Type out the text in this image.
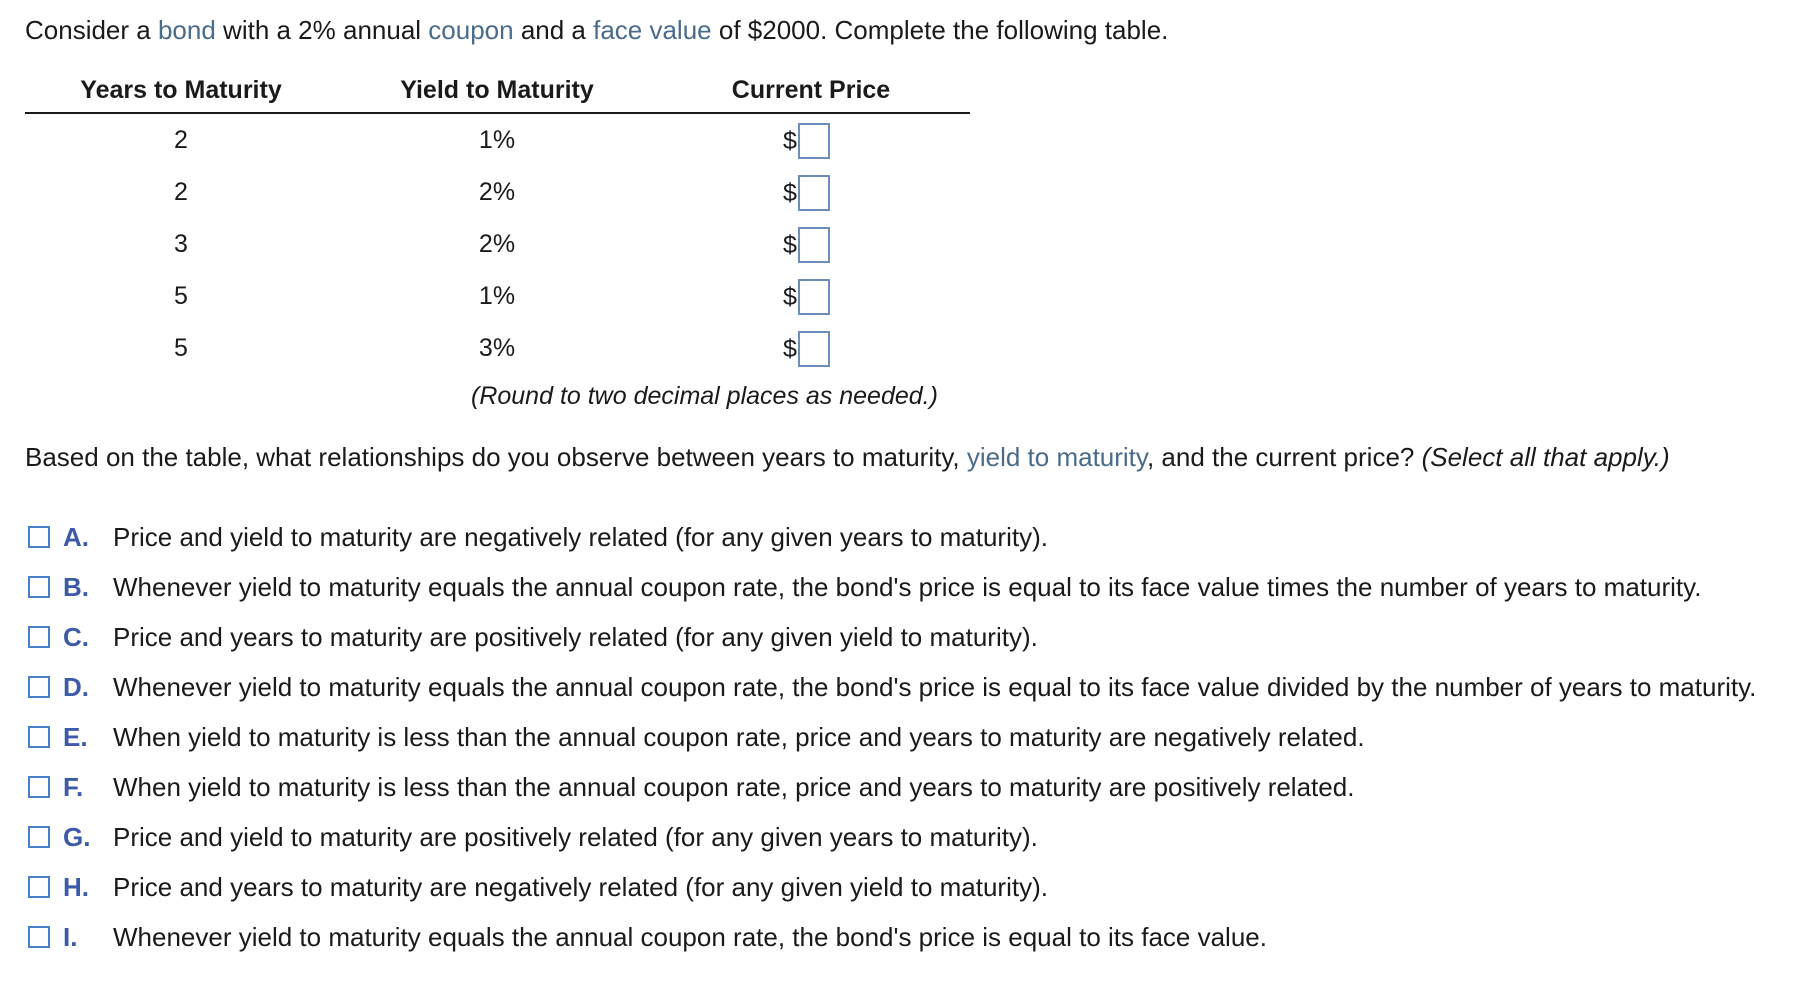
Consider a bond with a 2% annual coupon and a face value of $2000. Complete the following table.
Years to Maturity	Yield to Maturity	Current Price
2	1%	$
2	2%	$
3	2%	$
5	1%	$
5	3%	$
(Round to two decimal places as needed.)
Based on the table, what relationships do you observe between years to maturity, yield to maturity, and the current price? (Select all that apply.)
A. Price and yield to maturity are negatively related (for any given years to maturity).
B. Whenever yield to maturity equals the annual coupon rate, the bond's price is equal to its face value times the number of years to maturity.
C. Price and years to maturity are positively related (for any given yield to maturity).
D. Whenever yield to maturity equals the annual coupon rate, the bond's price is equal to its face value divided by the number of years to maturity.
E. When yield to maturity is less than the annual coupon rate, price and years to maturity are negatively related.
F.	When yield to maturity is less than the annual coupon rate, price and years to maturity are positively related.
G. Price and yield to maturity are positively related (for any given years to maturity).
H. Price and years to maturity are negatively related (for any given yield to maturity).
I.	Whenever yield to maturity equals the annual coupon rate, the bond's price is equal to its face value.
